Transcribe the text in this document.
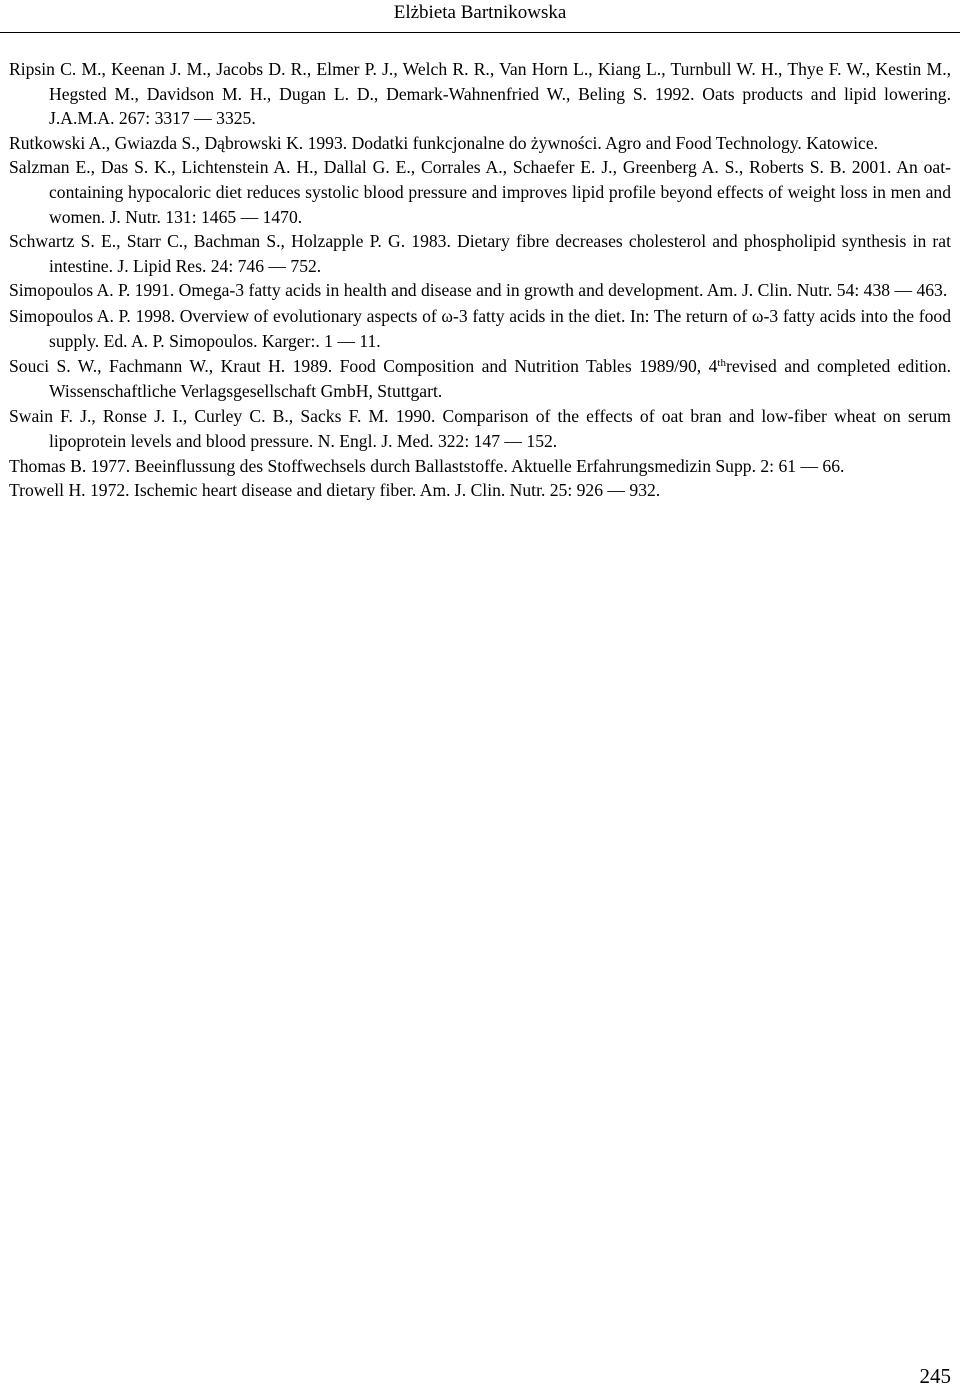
Elżbieta Bartnikowska
Ripsin C. M., Keenan J. M., Jacobs D. R., Elmer P. J., Welch R. R., Van Horn L., Kiang L., Turnbull W. H., Thye F. W., Kestin M., Hegsted M., Davidson M. H., Dugan L. D., Demark-Wahnenfried W., Beling S. 1992. Oats products and lipid lowering. J.A.M.A. 267: 3317 — 3325.
Rutkowski A., Gwiazda S., Dąbrowski K. 1993. Dodatki funkcjonalne do żywności. Agro and Food Technology. Katowice.
Salzman E., Das S. K., Lichtenstein A. H., Dallal G. E., Corrales A., Schaefer E. J., Greenberg A. S., Roberts S. B. 2001. An oat-containing hypocaloric diet reduces systolic blood pressure and improves lipid profile beyond effects of weight loss in men and women. J. Nutr. 131: 1465 — 1470.
Schwartz S. E., Starr C., Bachman S., Holzapple P. G. 1983. Dietary fibre decreases cholesterol and phospholipid synthesis in rat intestine. J. Lipid Res. 24: 746 — 752.
Simopoulos A. P. 1991. Omega-3 fatty acids in health and disease and in growth and development. Am. J. Clin. Nutr. 54: 438 — 463.
Simopoulos A. P. 1998. Overview of evolutionary aspects of ω-3 fatty acids in the diet. In: The return of ω-3 fatty acids into the food supply. Ed. A. P. Simopoulos. Karger:. 1 — 11.
Souci S. W., Fachmann W., Kraut H. 1989. Food Composition and Nutrition Tables 1989/90, 4threvised and completed edition. Wissenschaftliche Verlagsgesellschaft GmbH, Stuttgart.
Swain F. J., Ronse J. I., Curley C. B., Sacks F. M. 1990. Comparison of the effects of oat bran and low-fiber wheat on serum lipoprotein levels and blood pressure. N. Engl. J. Med. 322: 147 — 152.
Thomas B. 1977. Beeinflussung des Stoffwechsels durch Ballaststoffe. Aktuelle Erfahrungsmedizin Supp. 2: 61 — 66.
Trowell H. 1972. Ischemic heart disease and dietary fiber. Am. J. Clin. Nutr. 25: 926 — 932.
245
